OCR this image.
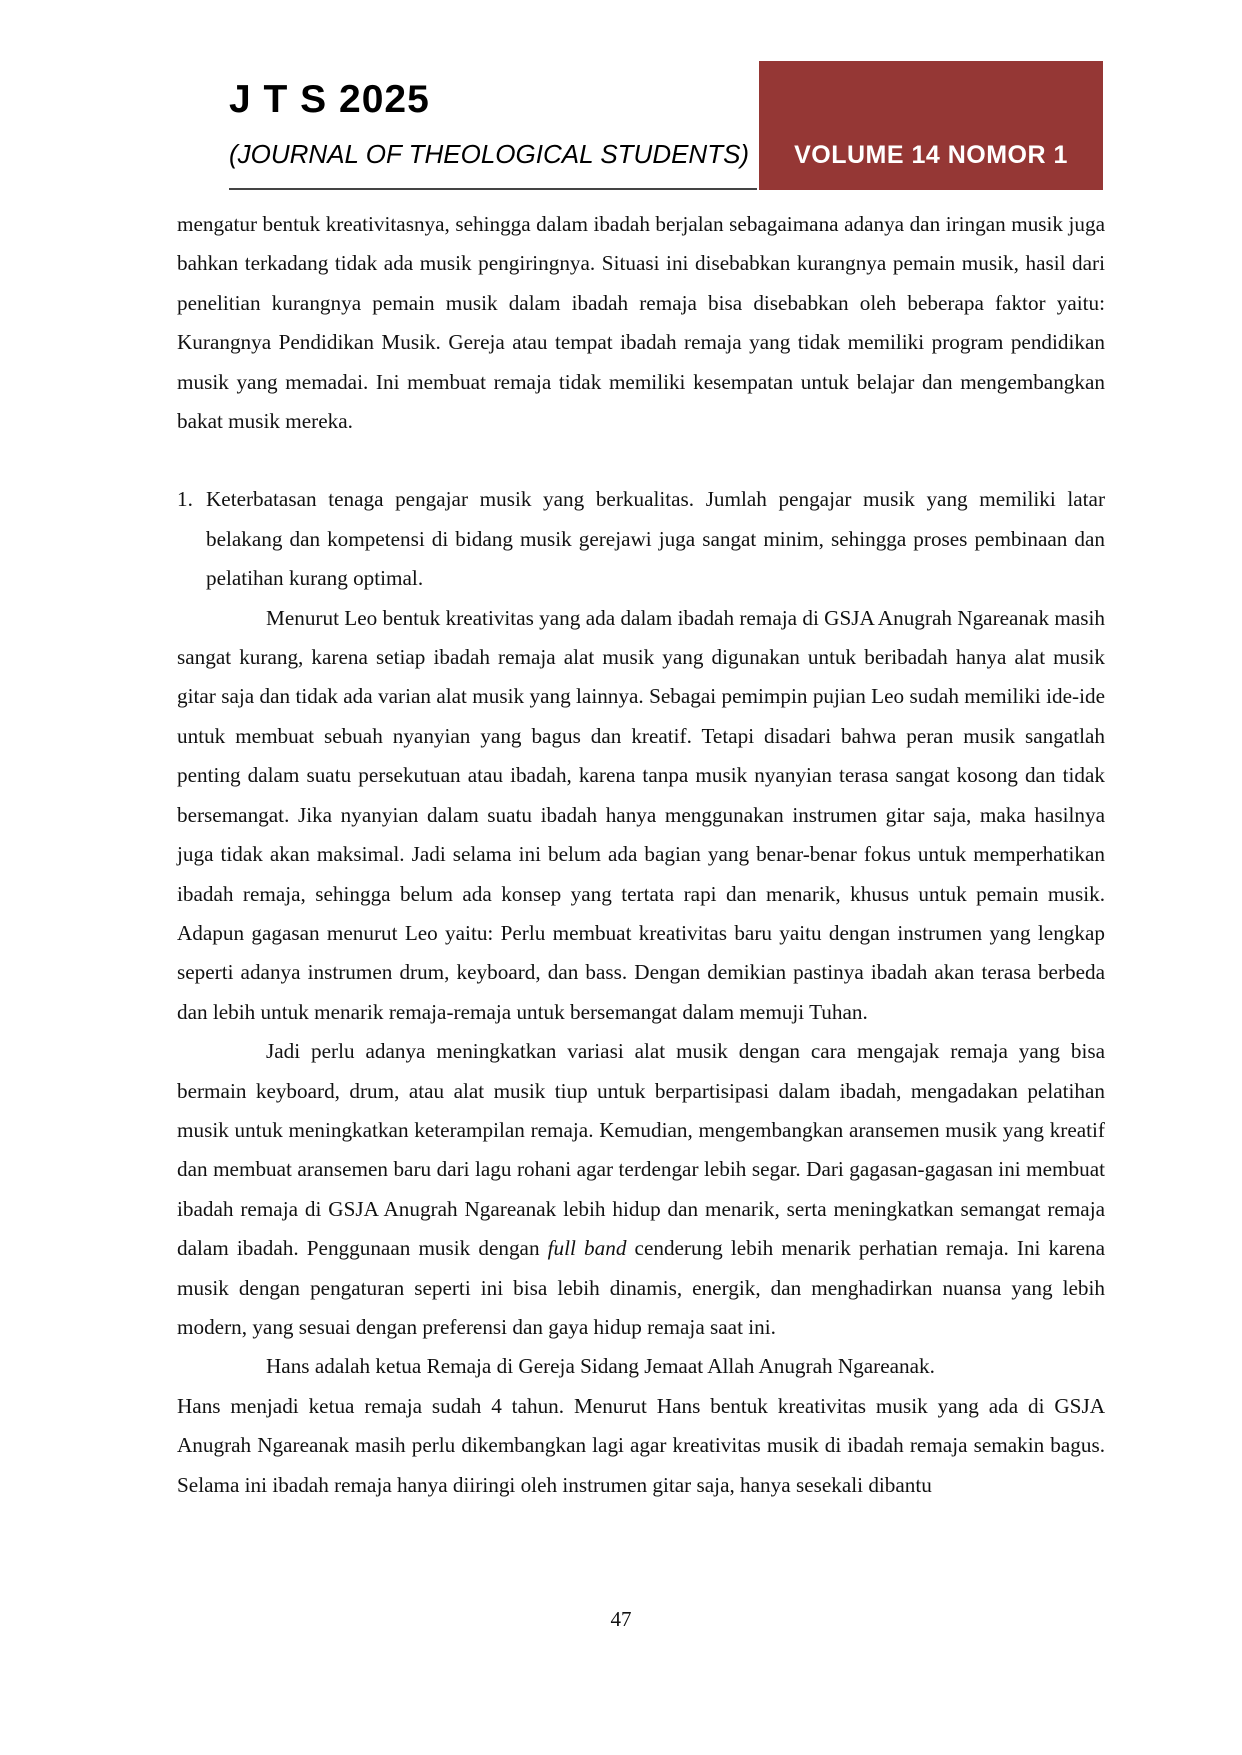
J T S 2025

(JOURNAL OF THEOLOGICAL STUDENTS)	VOLUME 14 NOMOR 1

mengatur bentuk kreativitasnya, sehingga dalam ibadah berjalan sebagaimana adanya dan iringan musik juga bahkan terkadang tidak ada musik pengiringnya. Situasi ini disebabkan kurangnya pemain musik, hasil dari penelitian kurangnya pemain musik dalam ibadah remaja bisa disebabkan oleh beberapa faktor yaitu: Kurangnya Pendidikan Musik. Gereja atau tempat ibadah remaja yang tidak memiliki program pendidikan musik yang memadai. Ini membuat remaja tidak memiliki kesempatan untuk belajar dan mengembangkan bakat musik mereka.

1. Keterbatasan tenaga pengajar musik yang berkualitas. Jumlah pengajar musik yang memiliki latar belakang dan kompetensi di bidang musik gerejawi juga sangat minim, sehingga proses pembinaan dan pelatihan kurang optimal.

Menurut Leo bentuk kreativitas yang ada dalam ibadah remaja di GSJA Anugrah Ngareanak masih sangat kurang, karena setiap ibadah remaja alat musik yang digunakan untuk beribadah hanya alat musik gitar saja dan tidak ada varian alat musik yang lainnya. Sebagai pemimpin pujian Leo sudah memiliki ide-ide untuk membuat sebuah nyanyian yang bagus dan kreatif. Tetapi disadari bahwa peran musik sangatlah penting dalam suatu persekutuan atau ibadah, karena tanpa musik nyanyian terasa sangat kosong dan tidak bersemangat. Jika nyanyian dalam suatu ibadah hanya menggunakan instrumen gitar saja, maka hasilnya juga tidak akan maksimal. Jadi selama ini belum ada bagian yang benar-benar fokus untuk memperhatikan ibadah remaja, sehingga belum ada konsep yang tertata rapi dan menarik, khusus untuk pemain musik. Adapun gagasan menurut Leo yaitu: Perlu membuat kreativitas baru yaitu dengan instrumen yang lengkap seperti adanya instrumen drum, keyboard, dan bass. Dengan demikian pastinya ibadah akan terasa berbeda dan lebih untuk menarik remaja-remaja untuk bersemangat dalam memuji Tuhan.

Jadi perlu adanya meningkatkan variasi alat musik dengan cara mengajak remaja yang bisa bermain keyboard, drum, atau alat musik tiup untuk berpartisipasi dalam ibadah, mengadakan pelatihan musik untuk meningkatkan keterampilan remaja. Kemudian, mengembangkan aransemen musik yang kreatif dan membuat aransemen baru dari lagu rohani agar terdengar lebih segar. Dari gagasan-gagasan ini membuat ibadah remaja di GSJA Anugrah Ngareanak lebih hidup dan menarik, serta meningkatkan semangat remaja dalam ibadah. Penggunaan musik dengan full band cenderung lebih menarik perhatian remaja. Ini karena musik dengan pengaturan seperti ini bisa lebih dinamis, energik, dan menghadirkan nuansa yang lebih modern, yang sesuai dengan preferensi dan gaya hidup remaja saat ini.

Hans adalah ketua Remaja di Gereja Sidang Jemaat Allah Anugrah Ngareanak.

Hans menjadi ketua remaja sudah 4 tahun. Menurut Hans bentuk kreativitas musik yang ada di GSJA Anugrah Ngareanak masih perlu dikembangkan lagi agar kreativitas musik di ibadah remaja semakin bagus. Selama ini ibadah remaja hanya diiringi oleh instrumen gitar saja, hanya sesekali dibantu

47
